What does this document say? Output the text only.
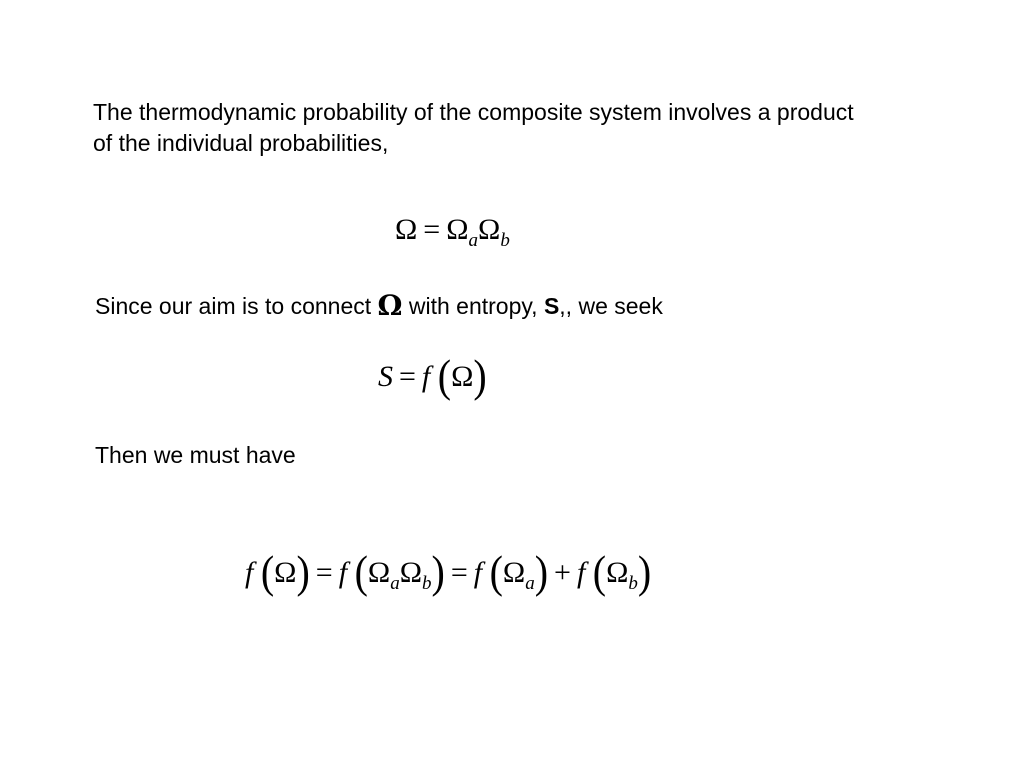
The thermodynamic probability of the composite system involves a product
of the individual probabilities,

$\Omega = \Omega_a\Omega_b$

Since our aim is to connect Ω with entropy, S,, we seek

S = f (Ω)

Then we must have

f (Ω) = f $(\Omega_a\Omega_b) = f$ $(\Omega_a) + f$ $(\Omega_b)$
